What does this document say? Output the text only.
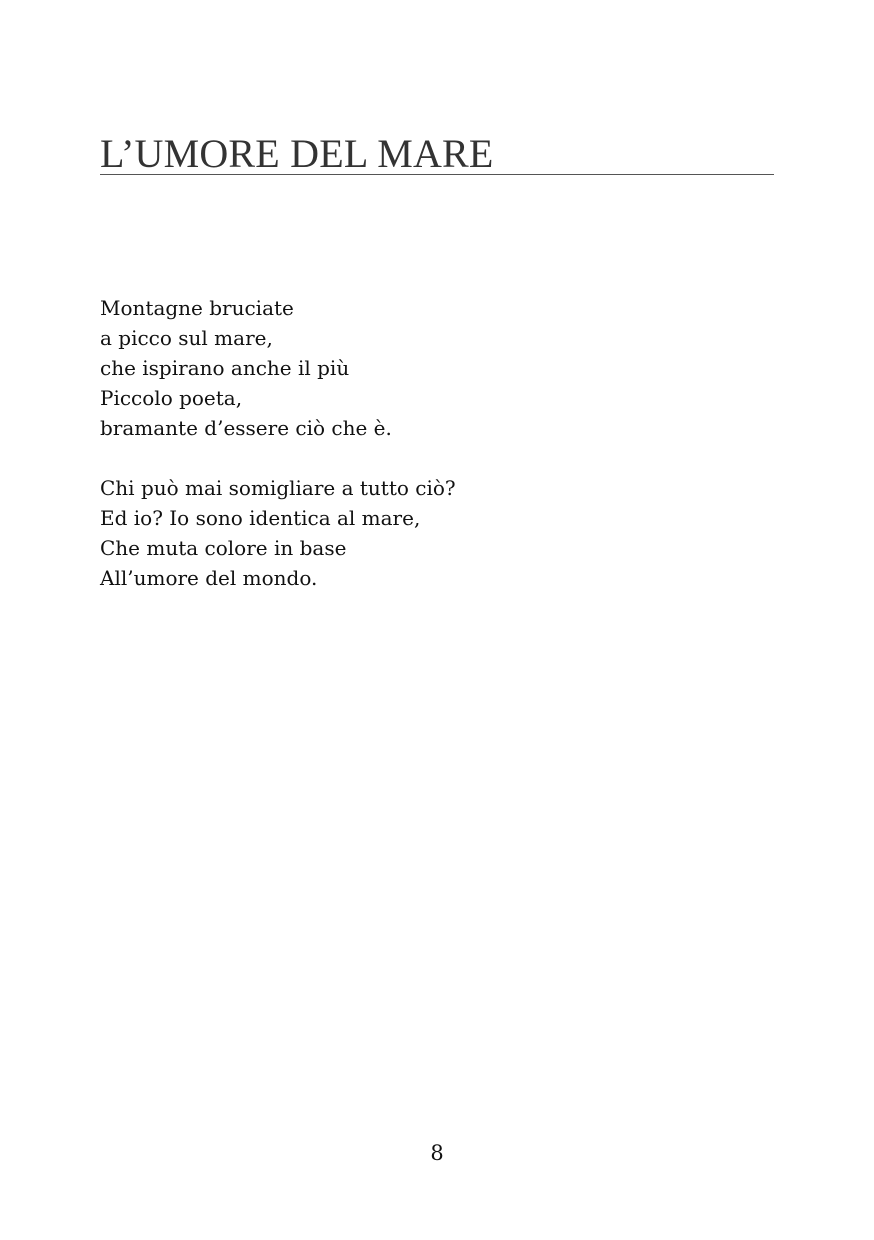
L’UMORE DEL MARE

Montagne bruciate
a picco sul mare,
che ispirano anche il più
Piccolo poeta,
bramante d’essere ciò che è.

Chi può mai somigliare a tutto ciò?
Ed io? Io sono identica al mare,
Che muta colore in base
All’umore del mondo.

8
